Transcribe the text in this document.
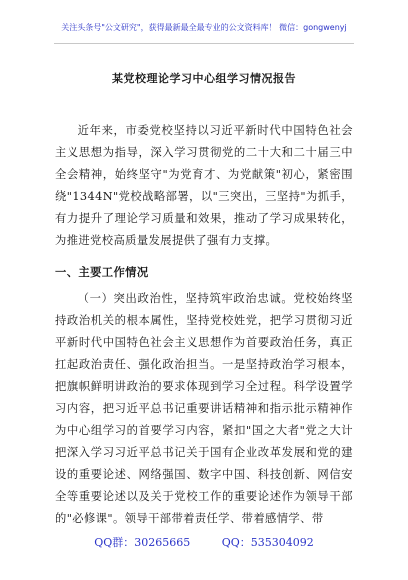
关注头条号"公文研究"，获得最新最全最专业的公文资料库！ 微信：gongwenyj
某党校理论学习中心组学习情况报告

近年来，市委党校坚持以习近平新时代中国特色社会主义思想为指导，深入学习贯彻党的二十大和二十届三中全会精神，始终坚守"为党育才、为党献策"初心，紧密围绕"1344N"党校战略部署，以"三突出，三坚持"为抓手，有力提升了理论学习质量和效果，推动了学习成果转化，为推进党校高质量发展提供了强有力支撑。

一、主要工作情况

（一）突出政治性，坚持筑牢政治忠诚。党校始终坚持政治机关的根本属性，坚持党校姓党，把学习贯彻习近平新时代中国特色社会主义思想作为首要政治任务，真正扛起政治责任、强化政治担当。一是坚持政治学习根本，把旗帜鲜明讲政治的要求体现到学习全过程。科学设置学习内容，把习近平总书记重要讲话精神和指示批示精神作为中心组学习的首要学习内容，紧扣"国之大者"党之大计把深入学习习近平总书记关于国有企业改革发展和党的建设的重要论述、网络强国、数字中国、科技创新、网信安全等重要论述以及关于党校工作的重要论述作为领导干部的"必修课"。领导干部带着责任学、带着感情学、带

QQ群：30265665	QQ：535304092
